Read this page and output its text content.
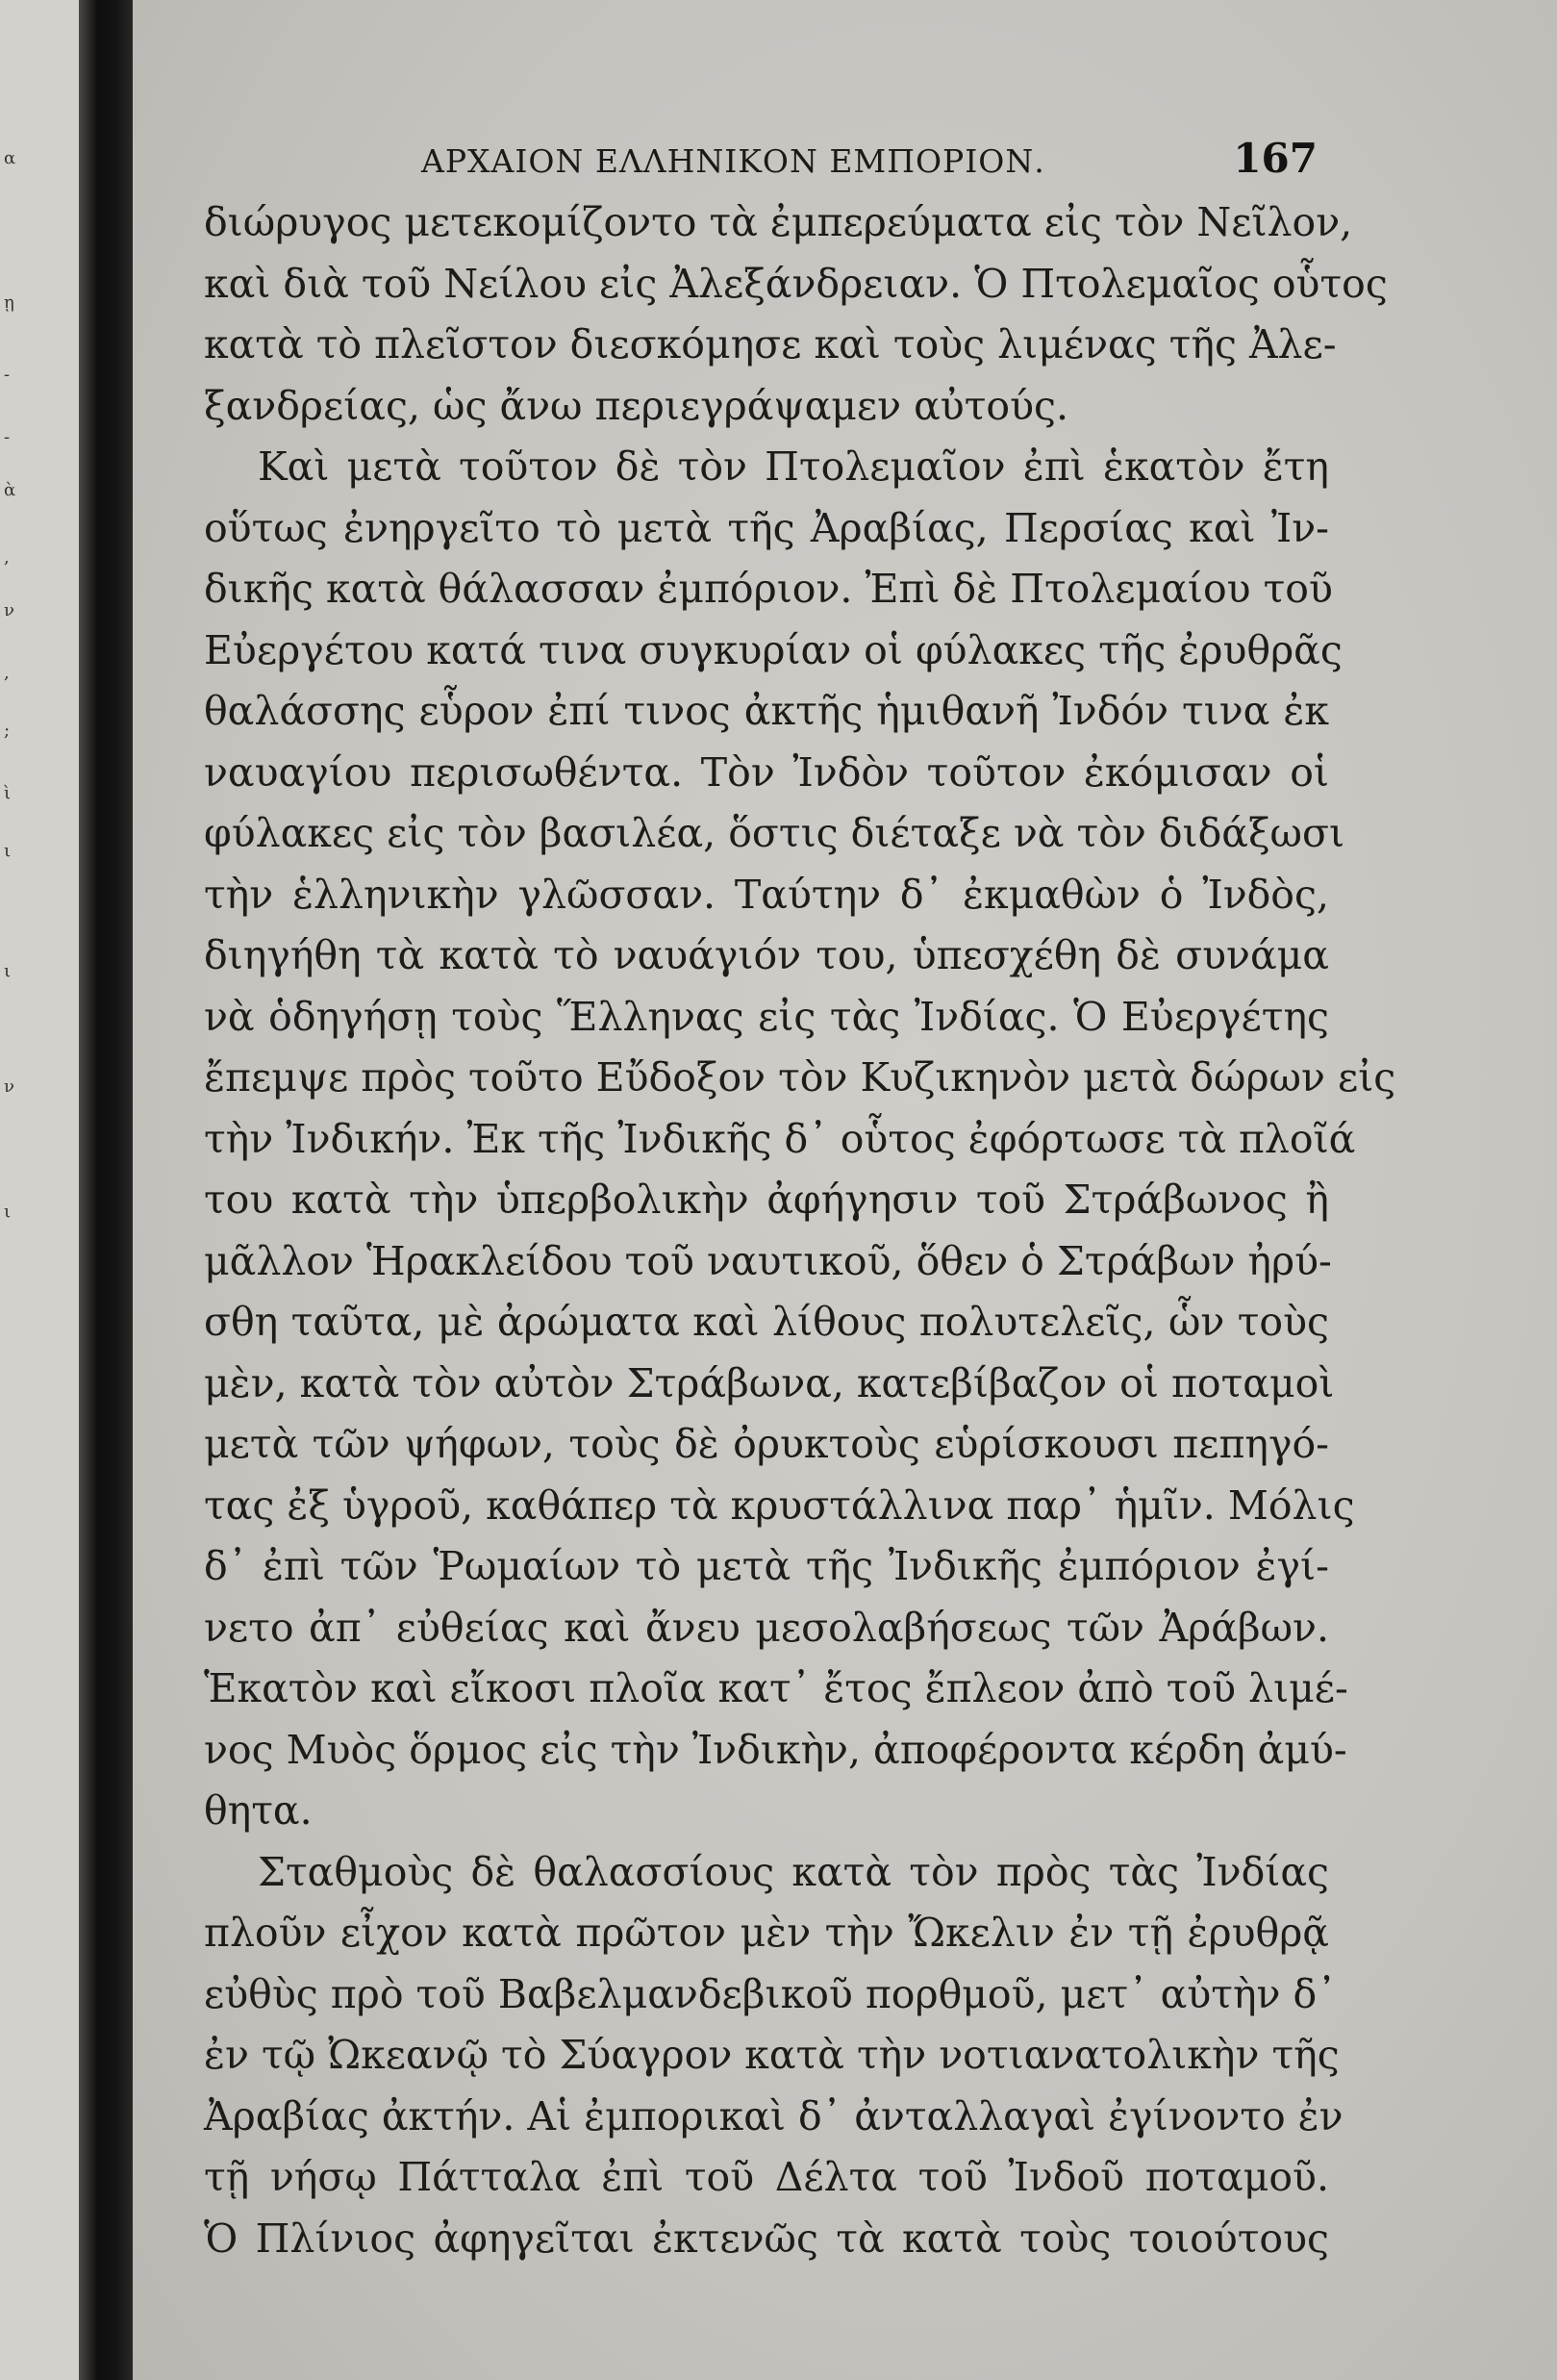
α
ῃ
-
-
ὰ
,
ν
,
;
ὶ
ι
ι
ν
ι
ΑΡΧΑΙΟΝ ΕΛΛΗΝΙΚΟΝ ΕΜΠΟΡΙΟΝ.	167
διώρυγος μετεκομίζοντο τὰ ἐμπερεύματα εἰς τὸν Νεῖλον,
καὶ διὰ τοῦ Νείλου εἰς Ἀλεξάνδρειαν. Ὁ Πτολεμαῖος οὗτος
κατὰ τὸ πλεῖστον διεσκόμησε καὶ τοὺς λιμένας τῆς Ἀλε-
ξανδρείας, ὡς ἄνω περιεγράψαμεν αὐτούς.
Καὶ μετὰ τοῦτον δὲ τὸν Πτολεμαῖον ἐπὶ ἑκατὸν ἔτη
οὕτως ἐνηργεῖτο τὸ μετὰ τῆς Ἀραβίας, Περσίας καὶ Ἰν-
δικῆς κατὰ θάλασσαν ἐμπόριον. Ἐπὶ δὲ Πτολεμαίου τοῦ
Εὐεργέτου κατά τινα συγκυρίαν οἱ φύλακες τῆς ἐρυθρᾶς
θαλάσσης εὗρον ἐπί τινος ἀκτῆς ἡμιθανῆ Ἰνδόν τινα ἐκ
ναυαγίου περισωθέντα. Τὸν Ἰνδὸν τοῦτον ἐκόμισαν οἱ
φύλακες εἰς τὸν βασιλέα, ὅστις διέταξε νὰ τὸν διδάξωσι
τὴν ἑλληνικὴν γλῶσσαν. Ταύτην δ᾽ ἐκμαθὼν ὁ Ἰνδὸς,
διηγήθη τὰ κατὰ τὸ ναυάγιόν του, ὑπεσχέθη δὲ συνάμα
νὰ ὁδηγήσῃ τοὺς Ἕλληνας εἰς τὰς Ἰνδίας. Ὁ Εὐεργέτης
ἔπεμψε πρὸς τοῦτο Εὔδοξον τὸν Κυζικηνὸν μετὰ δώρων εἰς
τὴν Ἰνδικήν. Ἐκ τῆς Ἰνδικῆς δ᾽ οὗτος ἐφόρτωσε τὰ πλοῖά
του κατὰ τὴν ὑπερβολικὴν ἀφήγησιν τοῦ Στράβωνος ἢ
μᾶλλον Ἡρακλείδου τοῦ ναυτικοῦ, ὅθεν ὁ Στράβων ἠρύ-
σθη ταῦτα, μὲ ἀρώματα καὶ λίθους πολυτελεῖς, ὧν τοὺς
μὲν, κατὰ τὸν αὐτὸν Στράβωνα, κατεβίβαζον οἱ ποταμοὶ
μετὰ τῶν ψήφων, τοὺς δὲ ὀρυκτοὺς εὑρίσκουσι πεπηγό-
τας ἐξ ὑγροῦ, καθάπερ τὰ κρυστάλλινα παρ᾽ ἡμῖν. Μόλις
δ᾽ ἐπὶ τῶν Ῥωμαίων τὸ μετὰ τῆς Ἰνδικῆς ἐμπόριον ἐγί-
νετο ἀπ᾽ εὐθείας καὶ ἄνευ μεσολαβήσεως τῶν Ἀράβων.
Ἑκατὸν καὶ εἴκοσι πλοῖα κατ᾽ ἔτος ἔπλεον ἀπὸ τοῦ λιμέ-
νος Μυὸς ὅρμος εἰς τὴν Ἰνδικὴν, ἀποφέροντα κέρδη ἀμύ-
θητα.
Σταθμοὺς δὲ θαλασσίους κατὰ τὸν πρὸς τὰς Ἰνδίας
πλοῦν εἶχον κατὰ πρῶτον μὲν τὴν Ὤκελιν ἐν τῇ ἐρυθρᾷ
εὐθὺς πρὸ τοῦ Βαβελμανδεβικοῦ πορθμοῦ, μετ᾽ αὐτὴν δ᾽
ἐν τῷ Ὠκεανῷ τὸ Σύαγρον κατὰ τὴν νοτιανατολικὴν τῆς
Ἀραβίας ἀκτήν. Αἱ ἐμπορικαὶ δ᾽ ἀνταλλαγαὶ ἐγίνοντο ἐν
τῇ νήσῳ Πάτταλα ἐπὶ τοῦ Δέλτα τοῦ Ἰνδοῦ ποταμοῦ.
Ὁ Πλίνιος ἀφηγεῖται ἐκτενῶς τὰ κατὰ τοὺς τοιούτους
